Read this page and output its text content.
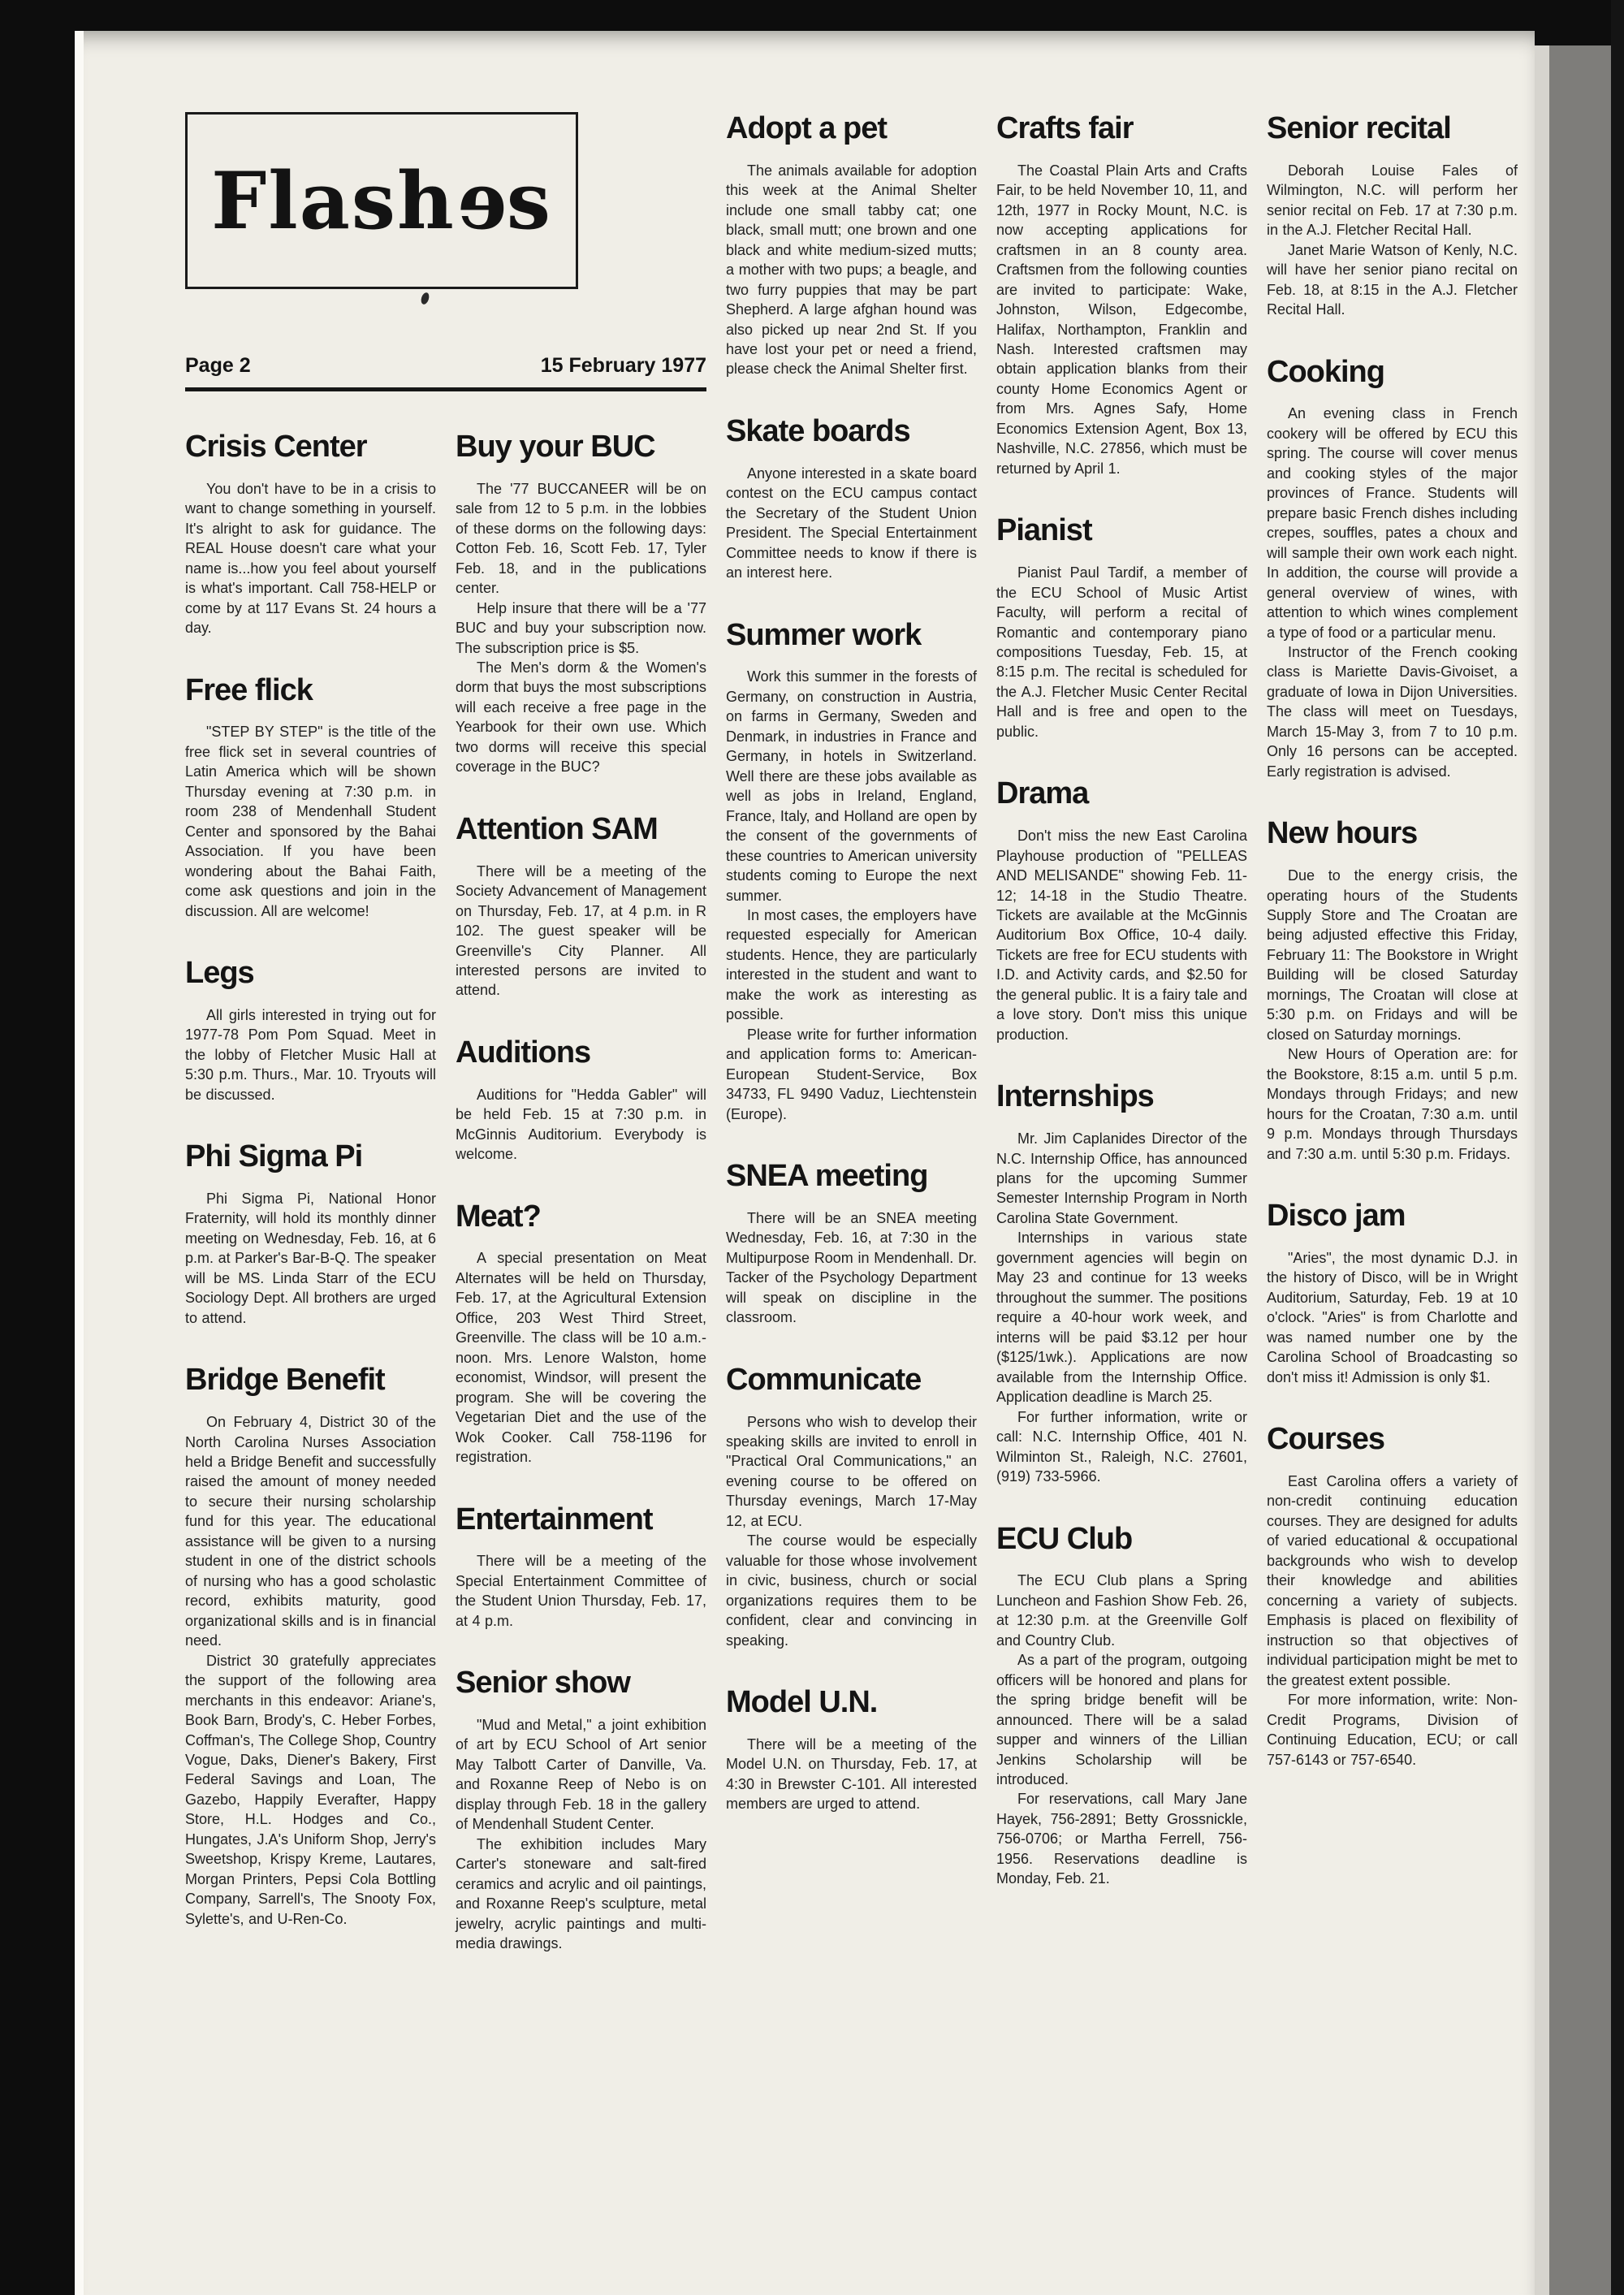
Flashes
Page 2	15 February 1977
Crisis Center

You don't have to be in a crisis to want to change something in yourself. It's alright to ask for guidance. The REAL House doesn't care what your name is...how you feel about yourself is what's important. Call 758-HELP or come by at 117 Evans St. 24 hours a day.

Free flick

"STEP BY STEP" is the title of the free flick set in several countries of Latin America which will be shown Thursday evening at 7:30 p.m. in room 238 of Mendenhall Student Center and sponsored by the Bahai Association. If you have been wondering about the Bahai Faith, come ask questions and join in the discussion. All are welcome!

Legs

All girls interested in trying out for 1977-78 Pom Pom Squad. Meet in the lobby of Fletcher Music Hall at 5:30 p.m. Thurs., Mar. 10. Tryouts will be discussed.

Phi Sigma Pi

Phi Sigma Pi, National Honor Fraternity, will hold its monthly dinner meeting on Wednesday, Feb. 16, at 6 p.m. at Parker's Bar-B-Q. The speaker will be MS. Linda Starr of the ECU Sociology Dept. All brothers are urged to attend.

Bridge Benefit

On February 4, District 30 of the North Carolina Nurses Association held a Bridge Benefit and successfully raised the amount of money needed to secure their nursing scholarship fund for this year. The educational assistance will be given to a nursing student in one of the district schools of nursing who has a good scholastic record, exhibits maturity, good organizational skills and is in financial need.

District 30 gratefully appreciates the support of the following area merchants in this endeavor: Ariane's, Book Barn, Brody's, C. Heber Forbes, Coffman's, The College Shop, Country Vogue, Daks, Diener's Bakery, First Federal Savings and Loan, The Gazebo, Happily Everafter, Happy Store, H.L. Hodges and Co., Hungates, J.A's Uniform Shop, Jerry's Sweetshop, Krispy Kreme, Lautares, Morgan Printers, Pepsi Cola Bottling Company, Sarrell's, The Snooty Fox, Sylette's, and U-Ren-Co.

Buy your BUC

The '77 BUCCANEER will be on sale from 12 to 5 p.m. in the lobbies of these dorms on the following days: Cotton Feb. 16, Scott Feb. 17, Tyler Feb. 18, and in the publications center.

Help insure that there will be a '77 BUC and buy your subscription now. The subscription price is $5.

The Men's dorm & the Women's dorm that buys the most subscriptions will each receive a free page in the Yearbook for their own use. Which two dorms will receive this special coverage in the BUC?

Attention SAM

There will be a meeting of the Society Advancement of Management on Thursday, Feb. 17, at 4 p.m. in R 102. The guest speaker will be Greenville's City Planner. All interested persons are invited to attend.

Auditions

Auditions for "Hedda Gabler" will be held Feb. 15 at 7:30 p.m. in McGinnis Auditorium. Everybody is welcome.

Meat?

A special presentation on Meat Alternates will be held on Thursday, Feb. 17, at the Agricultural Extension Office, 203 West Third Street, Greenville. The class will be 10 a.m.-noon. Mrs. Lenore Walston, home economist, Windsor, will present the program. She will be covering the Vegetarian Diet and the use of the Wok Cooker. Call 758-1196 for registration.

Entertainment

There will be a meeting of the Special Entertainment Committee of the Student Union Thursday, Feb. 17, at 4 p.m.

Senior show

"Mud and Metal," a joint exhibition of art by ECU School of Art senior May Talbott Carter of Danville, Va. and Roxanne Reep of Nebo is on display through Feb. 18 in the gallery of Mendenhall Student Center.

The exhibition includes Mary Carter's stoneware and salt-fired ceramics and acrylic and oil paintings, and Roxanne Reep's sculpture, metal jewelry, acrylic paintings and multi-media drawings.

Adopt a pet

The animals available for adoption this week at the Animal Shelter include one small tabby cat; one black, small mutt; one brown and one black and white medium-sized mutts; a mother with two pups; a beagle, and two furry puppies that may be part Shepherd. A large afghan hound was also picked up near 2nd St. If you have lost your pet or need a friend, please check the Animal Shelter first.

Skate boards

Anyone interested in a skate board contest on the ECU campus contact the Secretary of the Student Union President. The Special Entertainment Committee needs to know if there is an interest here.

Summer work

Work this summer in the forests of Germany, on construction in Austria, on farms in Germany, Sweden and Denmark, in industries in France and Germany, in hotels in Switzerland. Well there are these jobs available as well as jobs in Ireland, England, France, Italy, and Holland are open by the consent of the governments of these countries to American university students coming to Europe the next summer.

In most cases, the employers have requested especially for American students. Hence, they are particularly interested in the student and want to make the work as interesting as possible.

Please write for further information and application forms to: American-European Student-Service, Box 34733, FL 9490 Vaduz, Liechtenstein (Europe).

SNEA meeting

There will be an SNEA meeting Wednesday, Feb. 16, at 7:30 in the Multipurpose Room in Mendenhall. Dr. Tacker of the Psychology Department will speak on discipline in the classroom.

Communicate

Persons who wish to develop their speaking skills are invited to enroll in "Practical Oral Communications," an evening course to be offered on Thursday evenings, March 17-May 12, at ECU.

The course would be especially valuable for those whose involvement in civic, business, church or social organizations requires them to be confident, clear and convincing in speaking.

Model U.N.

There will be a meeting of the Model U.N. on Thursday, Feb. 17, at 4:30 in Brewster C-101. All interested members are urged to attend.

Crafts fair

The Coastal Plain Arts and Crafts Fair, to be held November 10, 11, and 12th, 1977 in Rocky Mount, N.C. is now accepting applications for craftsmen in an 8 county area. Craftsmen from the following counties are invited to participate: Wake, Johnston, Wilson, Edgecombe, Halifax, Northampton, Franklin and Nash. Interested craftsmen may obtain application blanks from their county Home Economics Agent or from Mrs. Agnes Safy, Home Economics Extension Agent, Box 13, Nashville, N.C. 27856, which must be returned by April 1.

Pianist

Pianist Paul Tardif, a member of the ECU School of Music Artist Faculty, will perform a recital of Romantic and contemporary piano compositions Tuesday, Feb. 15, at 8:15 p.m. The recital is scheduled for the A.J. Fletcher Music Center Recital Hall and is free and open to the public.

Drama

Don't miss the new East Carolina Playhouse production of "PELLEAS AND MELISANDE" showing Feb. 11-12; 14-18 in the Studio Theatre. Tickets are available at the McGinnis Auditorium Box Office, 10-4 daily. Tickets are free for ECU students with I.D. and Activity cards, and $2.50 for the general public. It is a fairy tale and a love story. Don't miss this unique production.

Internships

Mr. Jim Caplanides Director of the N.C. Internship Office, has announced plans for the upcoming Summer Semester Internship Program in North Carolina State Government.

Internships in various state government agencies will begin on May 23 and continue for 13 weeks throughout the summer. The positions require a 40-hour work week, and interns will be paid $3.12 per hour ($125/1wk.). Applications are now available from the Internship Office. Application deadline is March 25.

For further information, write or call: N.C. Internship Office, 401 N. Wilminton St., Raleigh, N.C. 27601, (919) 733-5966.

ECU Club

The ECU Club plans a Spring Luncheon and Fashion Show Feb. 26, at 12:30 p.m. at the Greenville Golf and Country Club.

As a part of the program, outgoing officers will be honored and plans for the spring bridge benefit will be announced. There will be a salad supper and winners of the Lillian Jenkins Scholarship will be introduced.

For reservations, call Mary Jane Hayek, 756-2891; Betty Grossnickle, 756-0706; or Martha Ferrell, 756-1956. Reservations deadline is Monday, Feb. 21.

Senior recital

Deborah Louise Fales of Wilmington, N.C. will perform her senior recital on Feb. 17 at 7:30 p.m. in the A.J. Fletcher Recital Hall.

Janet Marie Watson of Kenly, N.C. will have her senior piano recital on Feb. 18, at 8:15 in the A.J. Fletcher Recital Hall.

Cooking

An evening class in French cookery will be offered by ECU this spring. The course will cover menus and cooking styles of the major provinces of France. Students will prepare basic French dishes including crepes, souffles, pates a choux and will sample their own work each night. In addition, the course will provide a general overview of wines, with attention to which wines complement a type of food or a particular menu.

Instructor of the French cooking class is Mariette Davis-Givoiset, a graduate of Iowa in Dijon Universities. The class will meet on Tuesdays, March 15-May 3, from 7 to 10 p.m. Only 16 persons can be accepted. Early registration is advised.

New hours

Due to the energy crisis, the operating hours of the Students Supply Store and The Croatan are being adjusted effective this Friday, February 11: The Bookstore in Wright Building will be closed Saturday mornings, The Croatan will close at 5:30 p.m. on Fridays and will be closed on Saturday mornings.

New Hours of Operation are: for the Bookstore, 8:15 a.m. until 5 p.m. Mondays through Fridays; and new hours for the Croatan, 7:30 a.m. until 9 p.m. Mondays through Thursdays and 7:30 a.m. until 5:30 p.m. Fridays.

Disco jam

"Aries", the most dynamic D.J. in the history of Disco, will be in Wright Auditorium, Saturday, Feb. 19 at 10 o'clock. "Aries" is from Charlotte and was named number one by the Carolina School of Broadcasting so don't miss it! Admission is only $1.

Courses

East Carolina offers a variety of non-credit continuing education courses. They are designed for adults of varied educational & occupational backgrounds who wish to develop their knowledge and abilities concerning a variety of subjects. Emphasis is placed on flexibility of instruction so that objectives of individual participation might be met to the greatest extent possible.

For more information, write: Non-Credit Programs, Division of Continuing Education, ECU; or call 757-6143 or 757-6540.
